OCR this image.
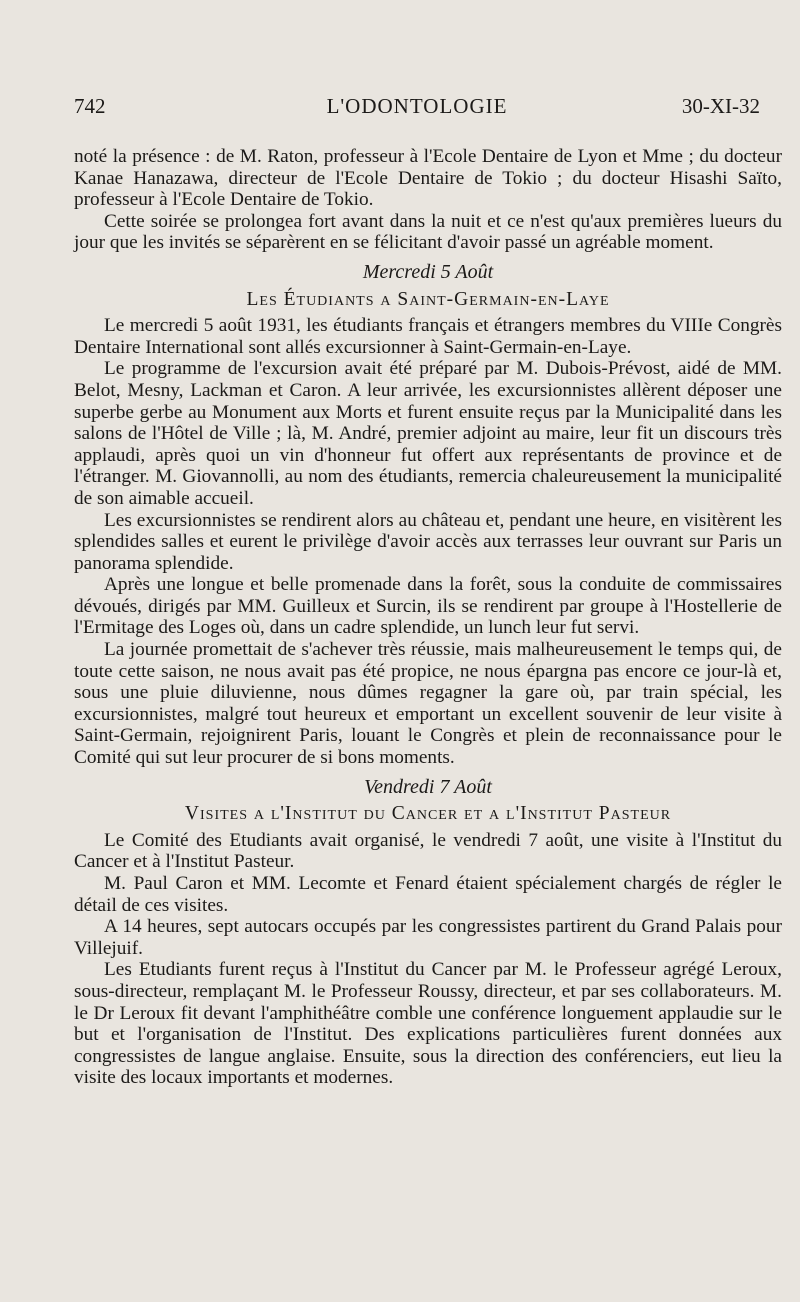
742	L'ODONTOLOGIE	30-XI-32

noté la présence : de M. Raton, professeur à l'Ecole Dentaire de Lyon et Mme ; du docteur Kanae Hanazawa, directeur de l'Ecole Dentaire de Tokio ; du docteur Hisashi Saïto, professeur à l'Ecole Dentaire de Tokio.

Cette soirée se prolongea fort avant dans la nuit et ce n'est qu'aux premières lueurs du jour que les invités se séparèrent en se félicitant d'avoir passé un agréable moment.

Mercredi 5 Août
Les Étudiants a Saint-Germain-en-Laye

Le mercredi 5 août 1931, les étudiants français et étrangers membres du VIIIe Congrès Dentaire International sont allés excursionner à Saint-Germain-en-Laye.

Le programme de l'excursion avait été préparé par M. Dubois-Prévost, aidé de MM. Belot, Mesny, Lackman et Caron. A leur arrivée, les excursionnistes allèrent déposer une superbe gerbe au Monument aux Morts et furent ensuite reçus par la Municipalité dans les salons de l'Hôtel de Ville ; là, M. André, premier adjoint au maire, leur fit un discours très applaudi, après quoi un vin d'honneur fut offert aux représentants de province et de l'étranger. M. Giovannolli, au nom des étudiants, remercia chaleureusement la municipalité de son aimable accueil.

Les excursionnistes se rendirent alors au château et, pendant une heure, en visitèrent les splendides salles et eurent le privilège d'avoir accès aux terrasses leur ouvrant sur Paris un panorama splendide.

Après une longue et belle promenade dans la forêt, sous la conduite de commissaires dévoués, dirigés par MM. Guilleux et Surcin, ils se rendirent par groupe à l'Hostellerie de l'Ermitage des Loges où, dans un cadre splendide, un lunch leur fut servi.

La journée promettait de s'achever très réussie, mais malheureusement le temps qui, de toute cette saison, ne nous avait pas été propice, ne nous épargna pas encore ce jour-là et, sous une pluie diluvienne, nous dûmes regagner la gare où, par train spécial, les excursionnistes, malgré tout heureux et emportant un excellent souvenir de leur visite à Saint-Germain, rejoignirent Paris, louant le Congrès et plein de reconnaissance pour le Comité qui sut leur procurer de si bons moments.

Vendredi 7 Août
Visites a l'Institut du Cancer et a l'Institut Pasteur

Le Comité des Etudiants avait organisé, le vendredi 7 août, une visite à l'Institut du Cancer et à l'Institut Pasteur.

M. Paul Caron et MM. Lecomte et Fenard étaient spécialement chargés de régler le détail de ces visites.

A 14 heures, sept autocars occupés par les congressistes partirent du Grand Palais pour Villejuif.

Les Etudiants furent reçus à l'Institut du Cancer par M. le Professeur agrégé Leroux, sous-directeur, remplaçant M. le Professeur Roussy, directeur, et par ses collaborateurs. M. le Dr Leroux fit devant l'amphithéâtre comble une conférence longuement applaudie sur le but et l'organisation de l'Institut. Des explications particulières furent données aux congressistes de langue anglaise. Ensuite, sous la direction des conférenciers, eut lieu la visite des locaux importants et modernes.
